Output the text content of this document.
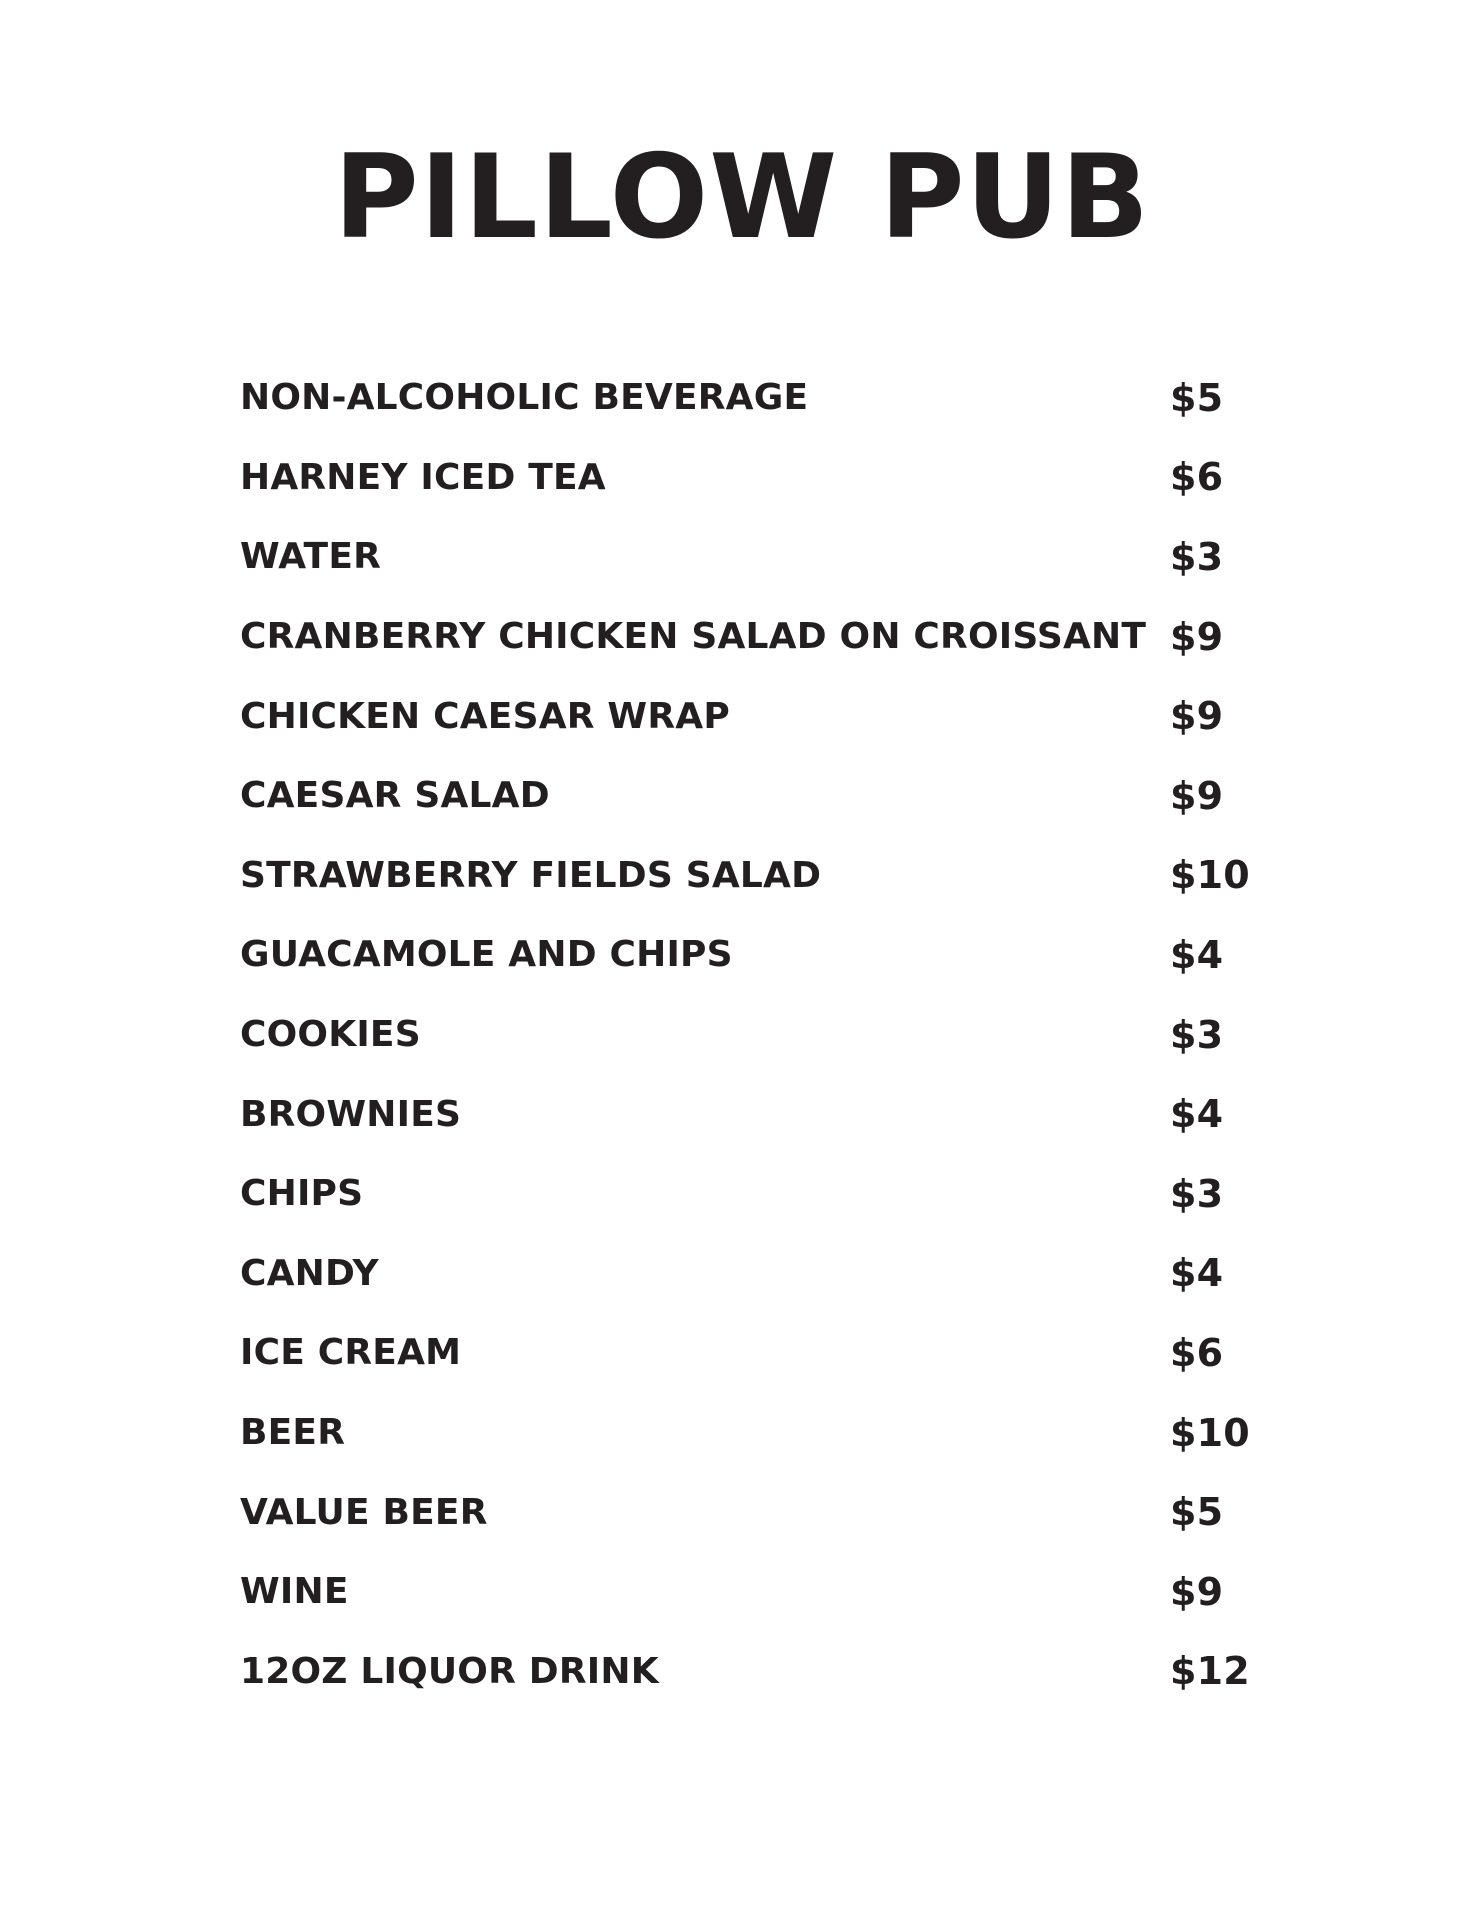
PILLOW PUB
NON-ALCOHOLIC BEVERAGE	$5
HARNEY ICED TEA	$6
WATER	$3
CRANBERRY CHICKEN SALAD ON CROISSANT $9
CHICKEN CAESAR WRAP	$9
CAESAR SALAD	$9
STRAWBERRY FIELDS SALAD	$10
GUACAMOLE AND CHIPS	$4
COOKIES	$3
BROWNIES	$4
CHIPS	$3
CANDY	$4
ICE CREAM	$6
BEER	$10
VALUE BEER	$5
WINE	$9
12OZ LIQUOR DRINK	$12
